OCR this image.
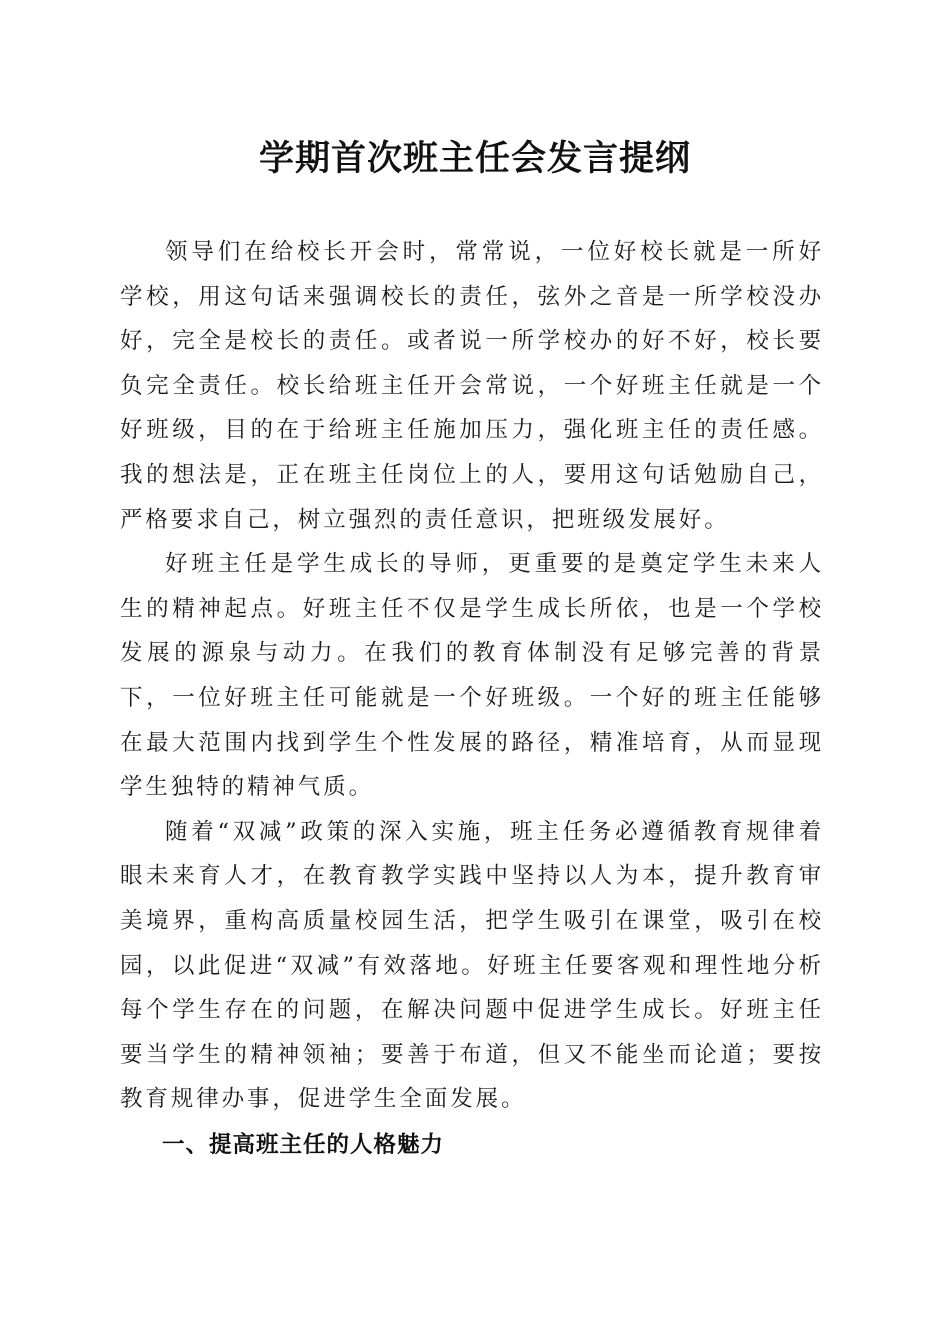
学期首次班主任会发言提纲

领导们在给校长开会时，常常说，一位好校长就是一所好学校，用这句话来强调校长的责任，弦外之音是一所学校没办好，完全是校长的责任。或者说一所学校办的好不好，校长要负完全责任。校长给班主任开会常说，一个好班主任就是一个好班级，目的在于给班主任施加压力，强化班主任的责任感。我的想法是，正在班主任岗位上的人，要用这句话勉励自己，严格要求自己，树立强烈的责任意识，把班级发展好。

好班主任是学生成长的导师，更重要的是奠定学生未来人生的精神起点。好班主任不仅是学生成长所依，也是一个学校发展的源泉与动力。在我们的教育体制没有足够完善的背景下，一位好班主任可能就是一个好班级。一个好的班主任能够在最大范围内找到学生个性发展的路径，精准培育，从而显现学生独特的精神气质。

随着“双减”政策的深入实施，班主任务必遵循教育规律着眼未来育人才，在教育教学实践中坚持以人为本，提升教育审美境界，重构高质量校园生活，把学生吸引在课堂，吸引在校园，以此促进“双减”有效落地。好班主任要客观和理性地分析每个学生存在的问题，在解决问题中促进学生成长。好班主任要当学生的精神领袖；要善于布道，但又不能坐而论道；要按教育规律办事，促进学生全面发展。

一、提高班主任的人格魅力
